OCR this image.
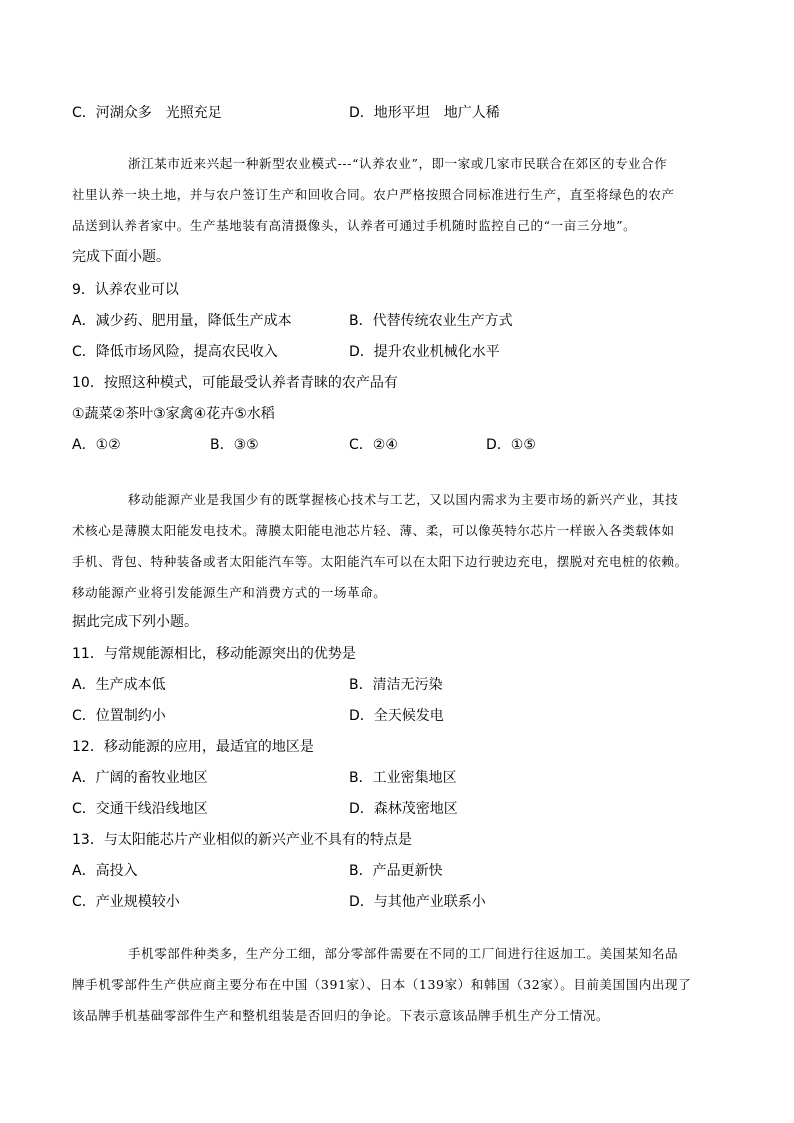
C．河湖众多　光照充足	D．地形平坦　地广人稀

浙江某市近来兴起一种新型农业模式---“认养农业”，即一家或几家市民联合在郊区的专业合作

社里认养一块土地，并与农户签订生产和回收合同。农户严格按照合同标准进行生产，直至将绿色的农产

品送到认养者家中。生产基地装有高清摄像头，认养者可通过手机随时监控自己的“一亩三分地”。

完成下面小题。
9．认养农业可以
A．减少药、肥用量，降低生产成本	B．代替传统农业生产方式
C．降低市场风险，提高农民收入	D．提升农业机械化水平
10．按照这种模式，可能最受认养者青睐的农产品有
①蔬菜②茶叶③家禽④花卉⑤水稻
A．①②	B．③⑤	C．②④	D．①⑤

移动能源产业是我国少有的既掌握核心技术与工艺，又以国内需求为主要市场的新兴产业，其技

术核心是薄膜太阳能发电技术。薄膜太阳能电池芯片轻、薄、柔，可以像英特尔芯片一样嵌入各类载体如

手机、背包、特种装备或者太阳能汽车等。太阳能汽车可以在太阳下边行驶边充电，摆脱对充电桩的依赖。

移动能源产业将引发能源生产和消费方式的一场革命。

据此完成下列小题。
11．与常规能源相比，移动能源突出的优势是
A．生产成本低	B．清洁无污染
C．位置制约小	D．全天候发电
12．移动能源的应用，最适宜的地区是
A．广阔的畜牧业地区	B．工业密集地区
C．交通干线沿线地区	D．森林茂密地区
13．与太阳能芯片产业相似的新兴产业不具有的特点是
A．高投入	B．产品更新快
C．产业规模较小	D．与其他产业联系小

手机零部件种类多，生产分工细，部分零部件需要在不同的工厂间进行往返加工。美国某知名品

牌手机零部件生产供应商主要分布在中国（391家）、日本（139家）和韩国（32家）。目前美国国内出现了

该品牌手机基础零部件生产和整机组装是否回归的争论。下表示意该品牌手机生产分工情况。
